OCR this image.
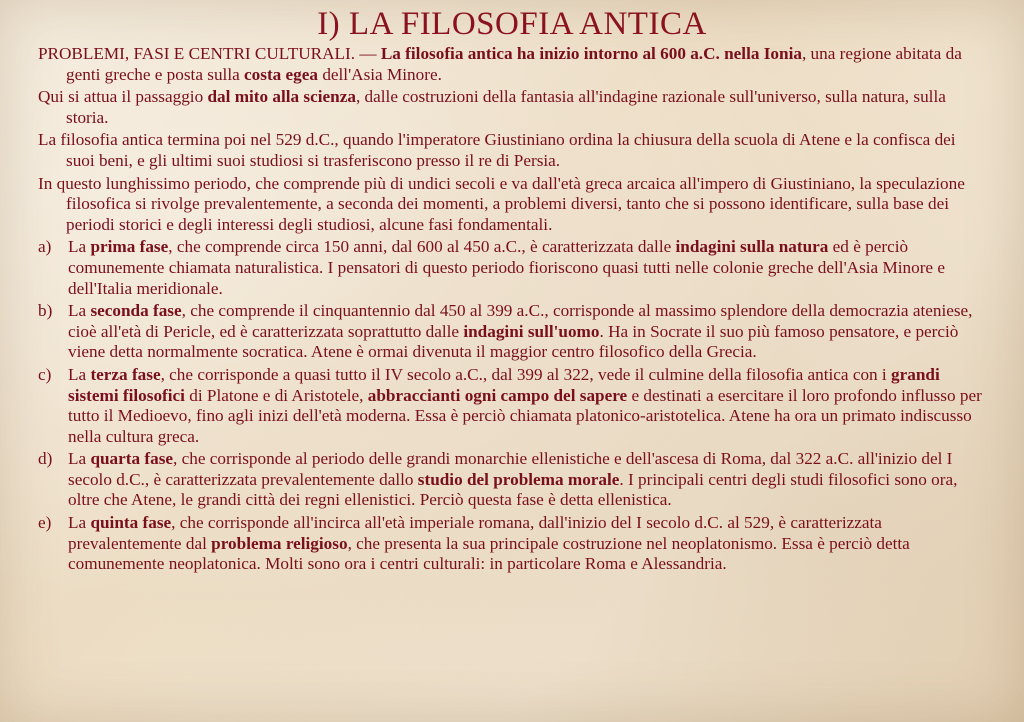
I) LA FILOSOFIA ANTICA

PROBLEMI, FASI E CENTRI CULTURALI. — La filosofia antica ha inizio intorno al 600 a.C. nella Ionia, una regione abitata da genti greche e posta sulla costa egea dell'Asia Minore.

Qui si attua il passaggio dal mito alla scienza, dalle costruzioni della fantasia all'indagine razionale sull'universo, sulla natura, sulla storia.

La filosofia antica termina poi nel 529 d.C., quando l'imperatore Giustiniano ordina la chiusura della scuola di Atene e la confisca dei suoi beni, e gli ultimi suoi studiosi si trasferiscono presso il re di Persia.

In questo lunghissimo periodo, che comprende più di undici secoli e va dall'età greca arcaica all'impero di Giustiniano, la speculazione filosofica si rivolge prevalentemente, a seconda dei momenti, a problemi diversi, tanto che si possono identificare, sulla base dei periodi storici e degli interessi degli studiosi, alcune fasi fondamentali.

a) La prima fase, che comprende circa 150 anni, dal 600 al 450 a.C., è caratterizzata dalle indagini sulla natura ed è perciò comunemente chiamata naturalistica. I pensatori di questo periodo fioriscono quasi tutti nelle colonie greche dell'Asia Minore e dell'Italia meridionale.
b) La seconda fase, che comprende il cinquantennio dal 450 al 399 a.C., corrisponde al massimo splendore della democrazia ateniese, cioè all'età di Pericle, ed è caratterizzata soprattutto dalle indagini sull'uomo. Ha in Socrate il suo più famoso pensatore, e perciò viene detta normalmente socratica. Atene è ormai divenuta il maggior centro filosofico della Grecia.
c) La terza fase, che corrisponde a quasi tutto il IV secolo a.C., dal 399 al 322, vede il culmine della filosofia antica con i grandi sistemi filosofici di Platone e di Aristotele, abbraccianti ogni campo del sapere e destinati a esercitare il loro profondo influsso per tutto il Medioevo, fino agli inizi dell'età moderna. Essa è perciò chiamata platonico-aristotelica. Atene ha ora un primato indiscusso nella cultura greca.
d) La quarta fase, che corrisponde al periodo delle grandi monarchie ellenistiche e dell'ascesa di Roma, dal 322 a.C. all'inizio del I secolo d.C., è caratterizzata prevalentemente dallo studio del problema morale. I principali centri degli studi filosofici sono ora, oltre che Atene, le grandi città dei regni ellenistici. Perciò questa fase è detta ellenistica.
e) La quinta fase, che corrisponde all'incirca all'età imperiale romana, dall'inizio del I secolo d.C. al 529, è caratterizzata prevalentemente dal problema religioso, che presenta la sua principale costruzione nel neoplatonismo. Essa è perciò detta comunemente neoplatonica. Molti sono ora i centri culturali: in particolare Roma e Alessandria.
